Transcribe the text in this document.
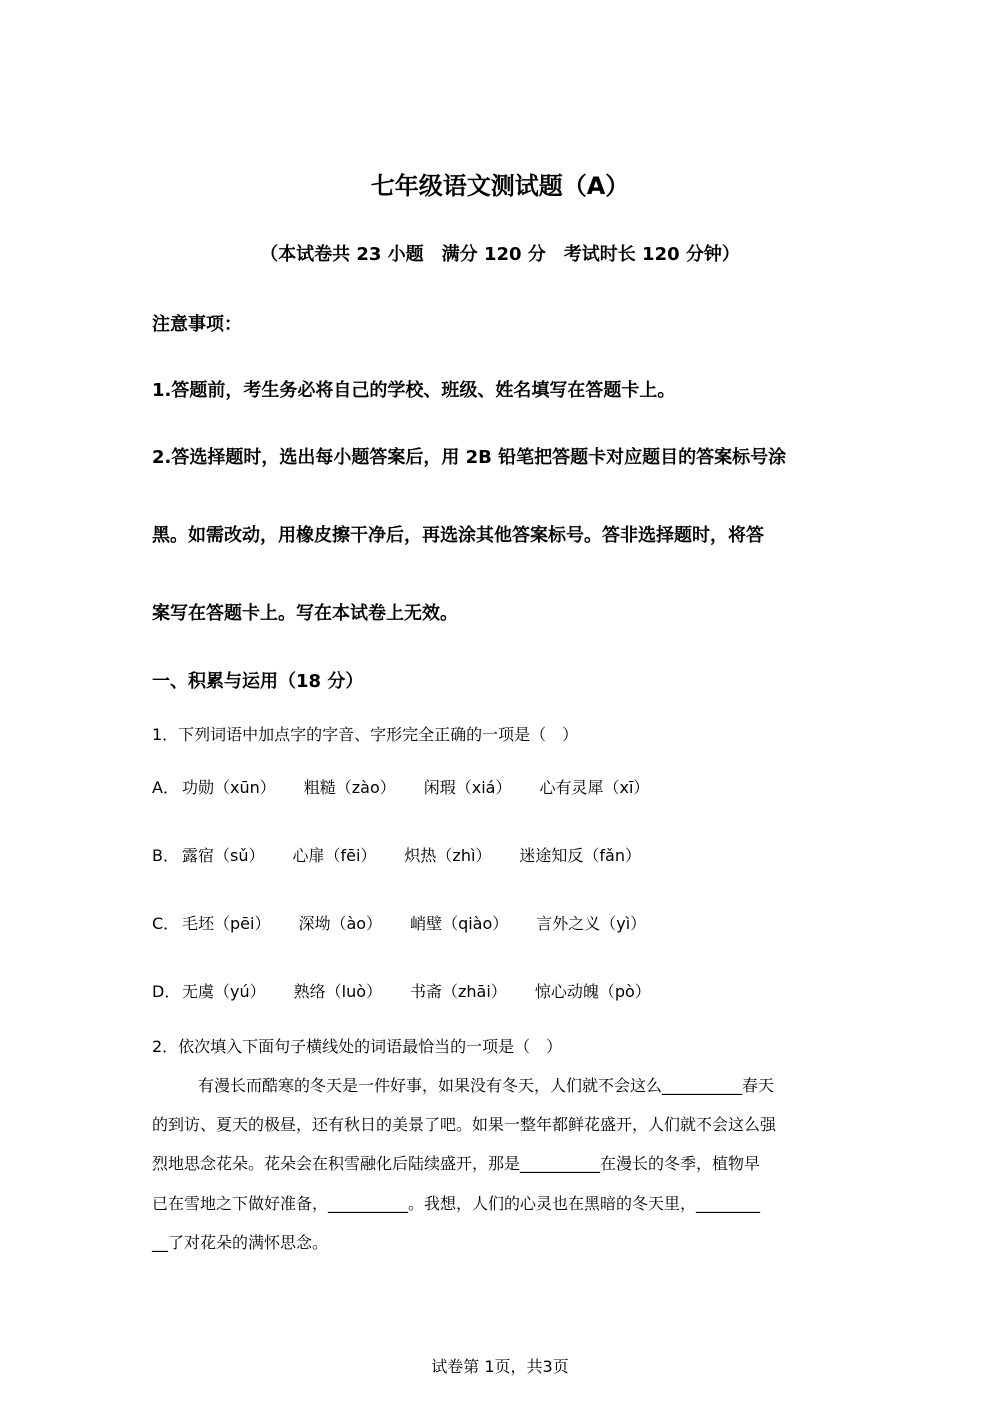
七年级语文测试题（A）
（本试卷共 23 小题　满分 120 分　考试时长 120 分钟）
注意事项：
1.答题前，考生务必将自己的学校、班级、姓名填写在答题卡上。
2.答选择题时，选出每小题答案后，用 2B 铅笔把答题卡对应题目的答案标号涂
黑。如需改动，用橡皮擦干净后，再选涂其他答案标号。答非选择题时，将答
案写在答题卡上。写在本试卷上无效。
一、积累与运用（18 分）
1．下列词语中加点字的字音、字形完全正确的一项是（　）
A． 功勋（xūn） 粗糙（zào） 闲瑕（xiá） 心有灵犀（xī）
B． 露宿（sǔ） 心扉（fēi） 炽热（zhì） 迷途知反（fǎn）
C． 毛坯（pēi） 深坳（ào） 峭壁（qiào） 言外之义（yì）
D． 无虞（yú） 熟络（luò） 书斋（zhāi） 惊心动魄（pò）
2．依次填入下面句子横线处的词语最恰当的一项是（　）
有漫长而酷寒的冬天是一件好事，如果没有冬天，人们就不会这么__________春天
的到访、夏天的极昼，还有秋日的美景了吧。如果一整年都鲜花盛开，人们就不会这么强
烈地思念花朵。花朵会在积雪融化后陆续盛开，那是__________在漫长的冬季，植物早
已在雪地之下做好准备，__________。我想，人们的心灵也在黑暗的冬天里，________
__了对花朵的满怀思念。
试卷第 1页，共3页
